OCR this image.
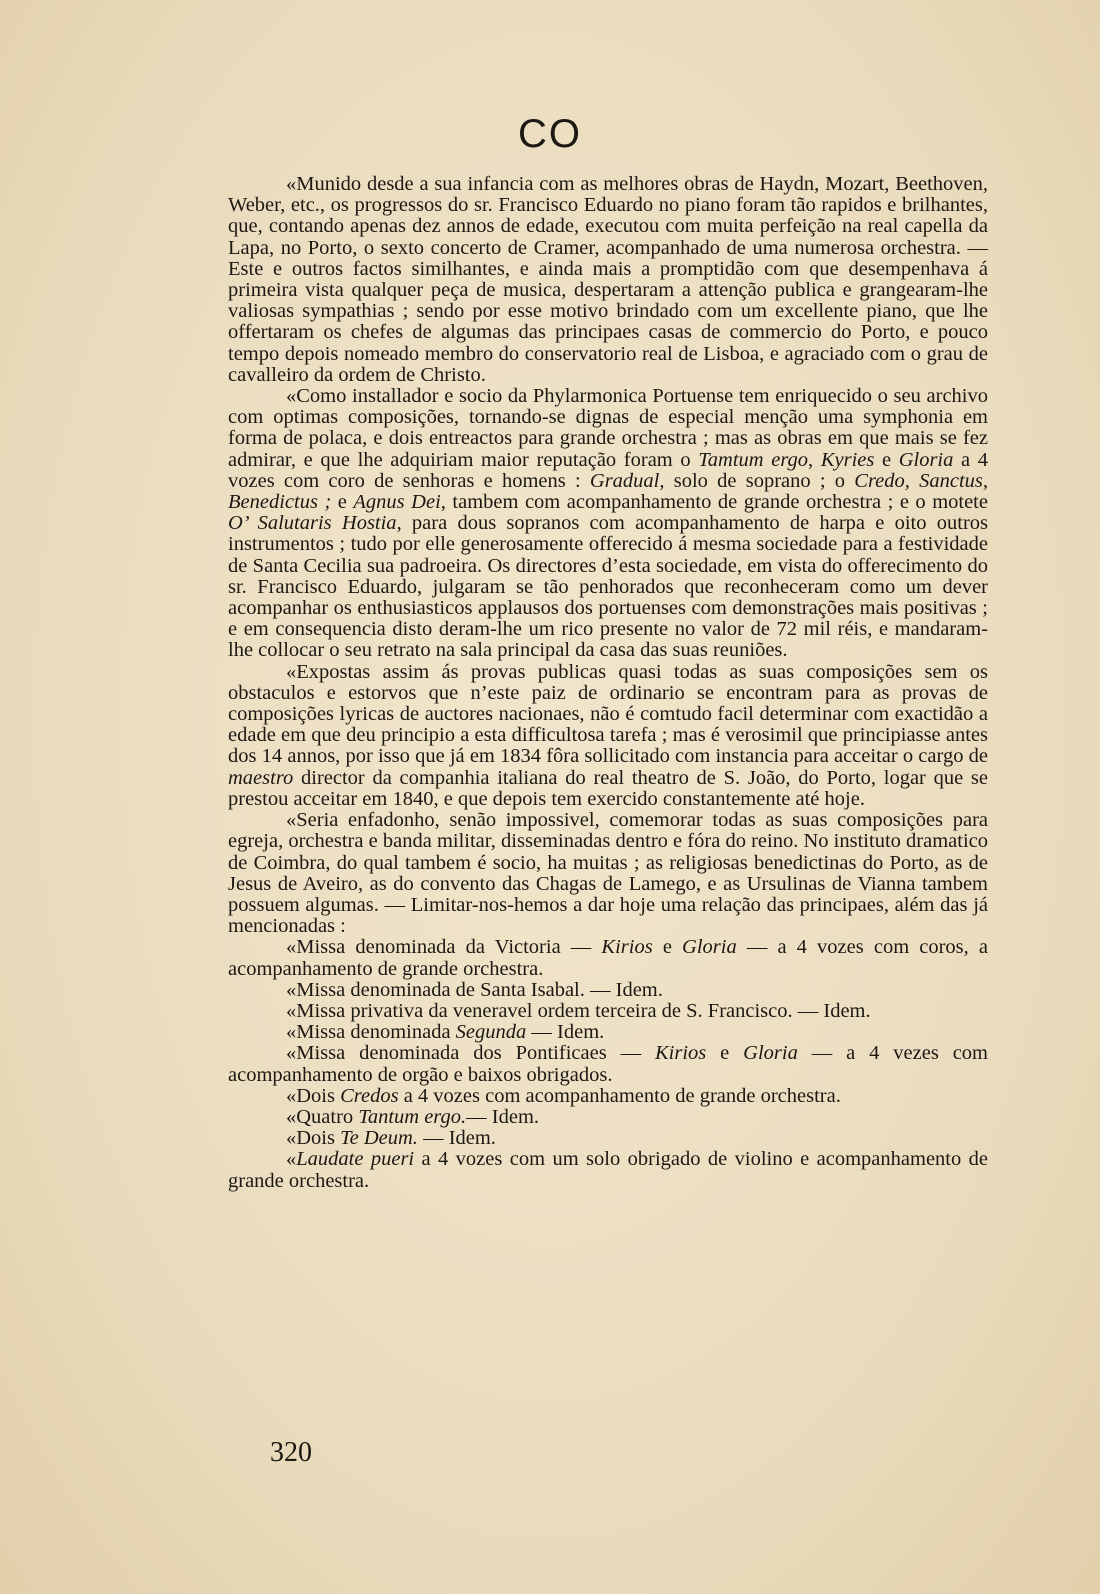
CO

«Munido desde a sua infancia com as melhores obras de Haydn, Mozart, Beethoven, Weber, etc., os progressos do sr. Francisco Eduardo no piano foram tão rapidos e brilhantes, que, contando apenas dez annos de edade, executou com muita perfeição na real capella da Lapa, no Porto, o sexto concerto de Cramer, acompanhado de uma numerosa orchestra. — Este e outros factos similhantes, e ainda mais a promptidão com que desempenhava á primeira vista qualquer peça de musica, despertaram a attenção publica e grangearam-lhe valiosas sympathias ; sendo por esse motivo brindado com um excellente piano, que lhe offertaram os chefes de algumas das principaes casas de commercio do Porto, e pouco tempo depois nomeado membro do conservatorio real de Lisboa, e agraciado com o grau de cavalleiro da ordem de Christo.

«Como installador e socio da Phylarmonica Portuense tem enriquecido o seu archivo com optimas composições, tornando-se dignas de especial menção uma symphonia em forma de polaca, e dois entreactos para grande orchestra ; mas as obras em que mais se fez admirar, e que lhe adquiriam maior reputação foram o Tamtum ergo, Kyries e Gloria a 4 vozes com coro de senhoras e homens : Gradual, solo de soprano ; o Credo, Sanctus, Benedictus ; e Agnus Dei, tambem com acompanhamento de grande orchestra ; e o motete O’ Salutaris Hostia, para dous sopranos com acompanhamento de harpa e oito outros instrumentos ; tudo por elle generosamente offerecido á mesma sociedade para a festividade de Santa Cecilia sua padroeira. Os directores d’esta sociedade, em vista do offerecimento do sr. Francisco Eduardo, julgaram se tão penhorados que reconheceram como um dever acompanhar os enthusiasticos applausos dos portuenses com demonstrações mais positivas ; e em consequencia disto deram-lhe um rico presente no valor de 72 mil réis, e mandaram-lhe collocar o seu retrato na sala principal da casa das suas reuniões.

«Expostas assim ás provas publicas quasi todas as suas composições sem os obstaculos e estorvos que n’este paiz de ordinario se encontram para as provas de composições lyricas de auctores nacionaes, não é comtudo facil determinar com exactidão a edade em que deu principio a esta difficultosa tarefa ; mas é verosimil que principiasse antes dos 14 annos, por isso que já em 1834 fôra sollicitado com instancia para acceitar o cargo de maestro director da companhia italiana do real theatro de S. João, do Porto, logar que se prestou acceitar em 1840, e que depois tem exercido constantemente até hoje.

«Seria enfadonho, senão impossivel, comemorar todas as suas composições para egreja, orchestra e banda militar, disseminadas dentro e fóra do reino. No instituto dramatico de Coimbra, do qual tambem é socio, ha muitas ; as religiosas benedictinas do Porto, as de Jesus de Aveiro, as do convento das Chagas de Lamego, e as Ursulinas de Vianna tambem possuem algumas. — Limitar-nos-hemos a dar hoje uma relação das principaes, além das já mencionadas :

«Missa denominada da Victoria — Kirios e Gloria — a 4 vozes com coros, a acompanhamento de grande orchestra.

«Missa denominada de Santa Isabal. — Idem.

«Missa privativa da veneravel ordem terceira de S. Francisco. — Idem.

«Missa denominada Segunda — Idem.

«Missa denominada dos Pontificaes — Kirios e Gloria — a 4 vezes com acompanhamento de orgão e baixos obrigados.

«Dois Credos a 4 vozes com acompanhamento de grande orchestra.

«Quatro Tantum ergo.— Idem.

«Dois Te Deum. — Idem.

«Laudate pueri a 4 vozes com um solo obrigado de violino e acompanhamento de grande orchestra.

320
